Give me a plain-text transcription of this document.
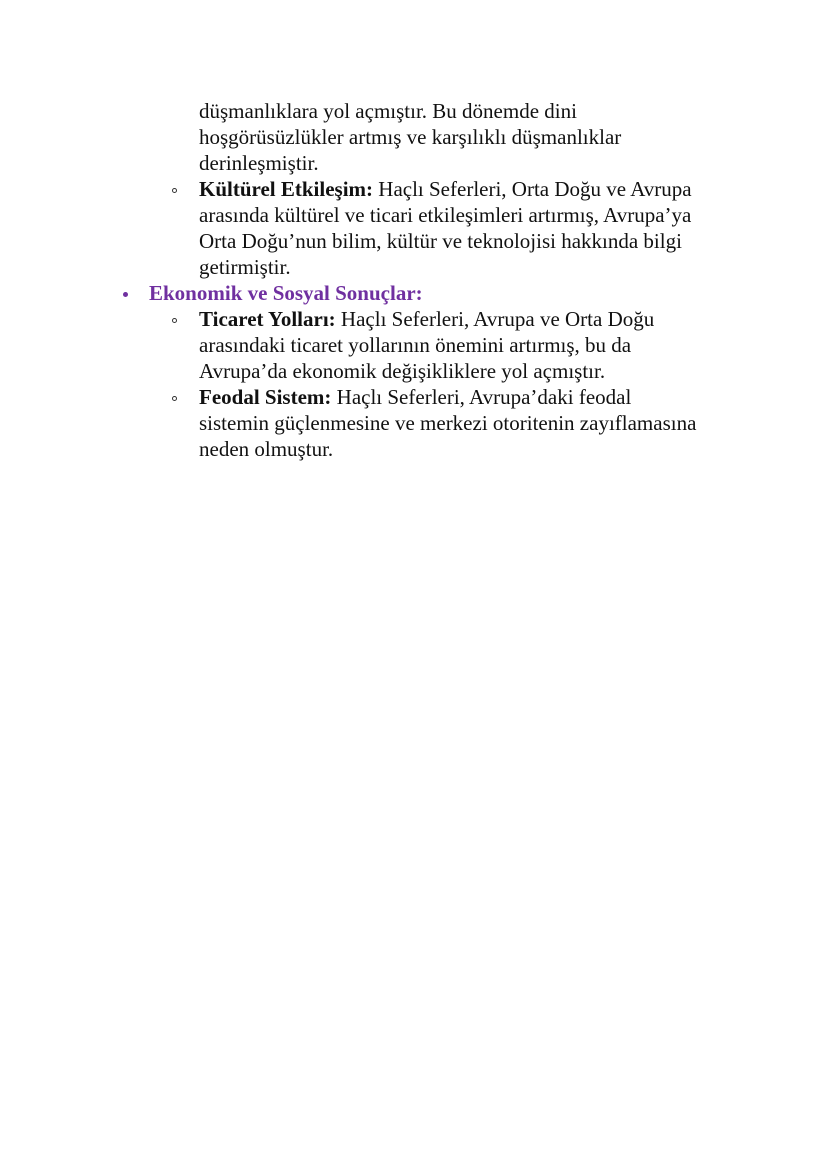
düşmanlıklara yol açmıştır. Bu dönemde dini
hoşgörüsüzlükler artmış ve karşılıklı düşmanlıklar
derinleşmiştir.
Kültürel Etkileşim: Haçlı Seferleri, Orta Doğu ve Avrupa
arasında kültürel ve ticari etkileşimleri artırmış, Avrupa’ya
Orta Doğu’nun bilim, kültür ve teknolojisi hakkında bilgi
getirmiştir.
Ekonomik ve Sosyal Sonuçlar:
Ticaret Yolları: Haçlı Seferleri, Avrupa ve Orta Doğu
arasındaki ticaret yollarının önemini artırmış, bu da
Avrupa’da ekonomik değişikliklere yol açmıştır.
Feodal Sistem: Haçlı Seferleri, Avrupa’daki feodal
sistemin güçlenmesine ve merkezi otoritenin zayıflamasına
neden olmuştur.
